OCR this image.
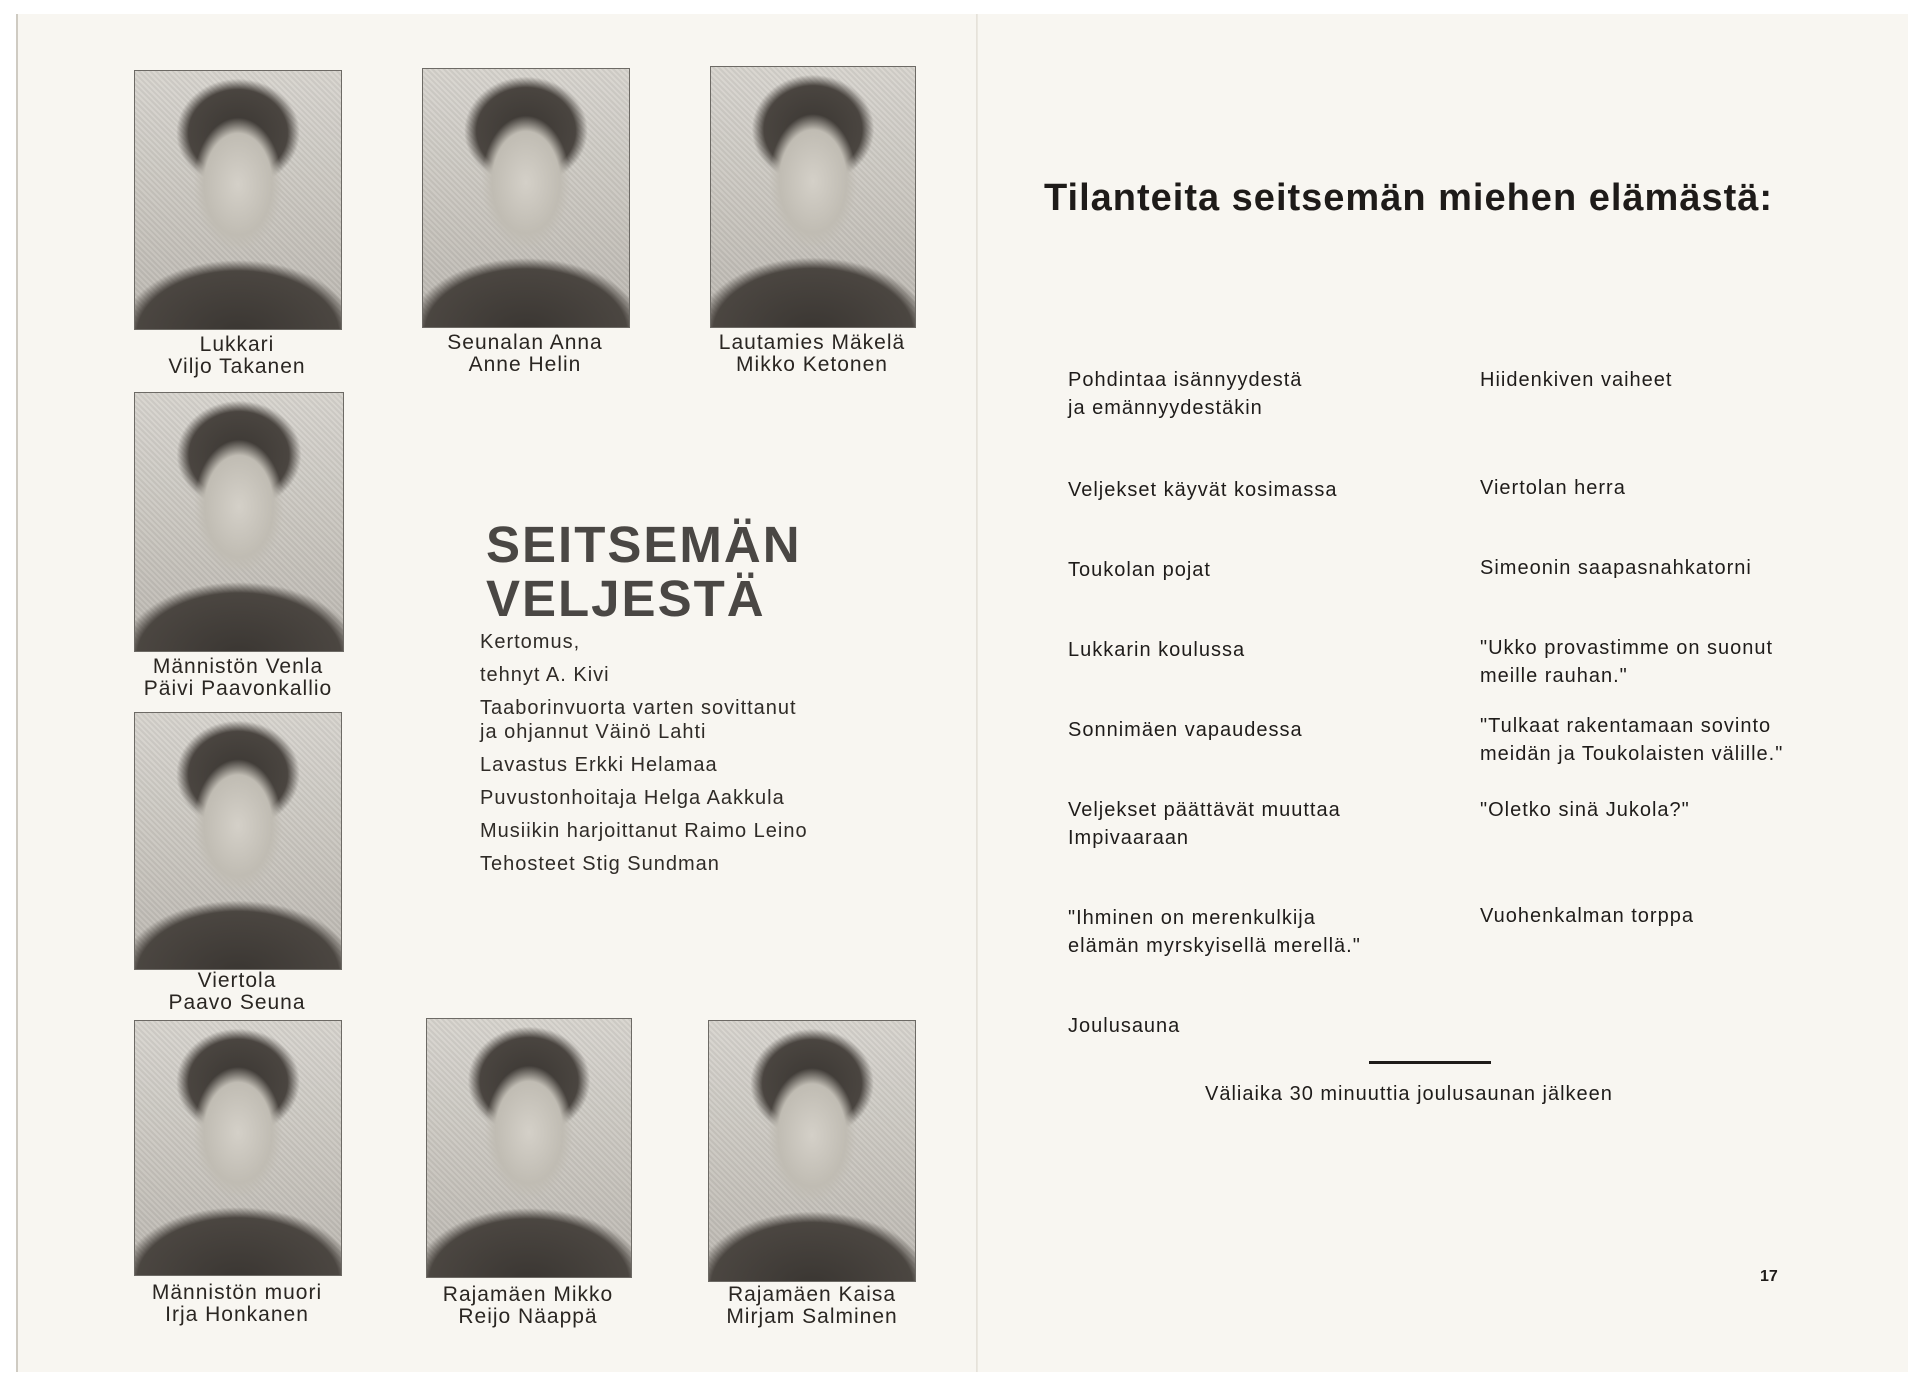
Lukkari
Viljo Takanen
Seunalan Anna
Anne Helin
Lautamies Mäkelä
Mikko Ketonen
Männistön Venla
Päivi Paavonkallio
Viertola
Paavo Seuna
Männistön muori
Irja Honkanen
Rajamäen Mikko
Reijo Näappä
Rajamäen Kaisa
Mirjam Salminen
SEITSEMÄN
VELJESTÄ
Kertomus,
tehnyt A. Kivi
Taaborinvuorta varten sovittanut
ja ohjannut Väinö Lahti
Lavastus Erkki Helamaa
Puvustonhoitaja Helga Aakkula
Musiikin harjoittanut Raimo Leino
Tehosteet Stig Sundman
Tilanteita seitsemän miehen elämästä:
Pohdintaa isännyydestä
ja emännyydestäkin
Veljekset käyvät kosimassa
Toukolan pojat
Lukkarin koulussa
Sonnimäen vapaudessa
Veljekset päättävät muuttaa
Impivaaraan
"Ihminen on merenkulkija
elämän myrskyisellä merellä."
Joulusauna
Hiidenkiven vaiheet
Viertolan herra
Simeonin saapasnahkatorni
"Ukko provastimme on suonut
meille rauhan."
"Tulkaat rakentamaan sovinto
meidän ja Toukolaisten välille."
"Oletko sinä Jukola?"
Vuohenkalman torppa
Väliaika 30 minuuttia joulusaunan jälkeen
17
